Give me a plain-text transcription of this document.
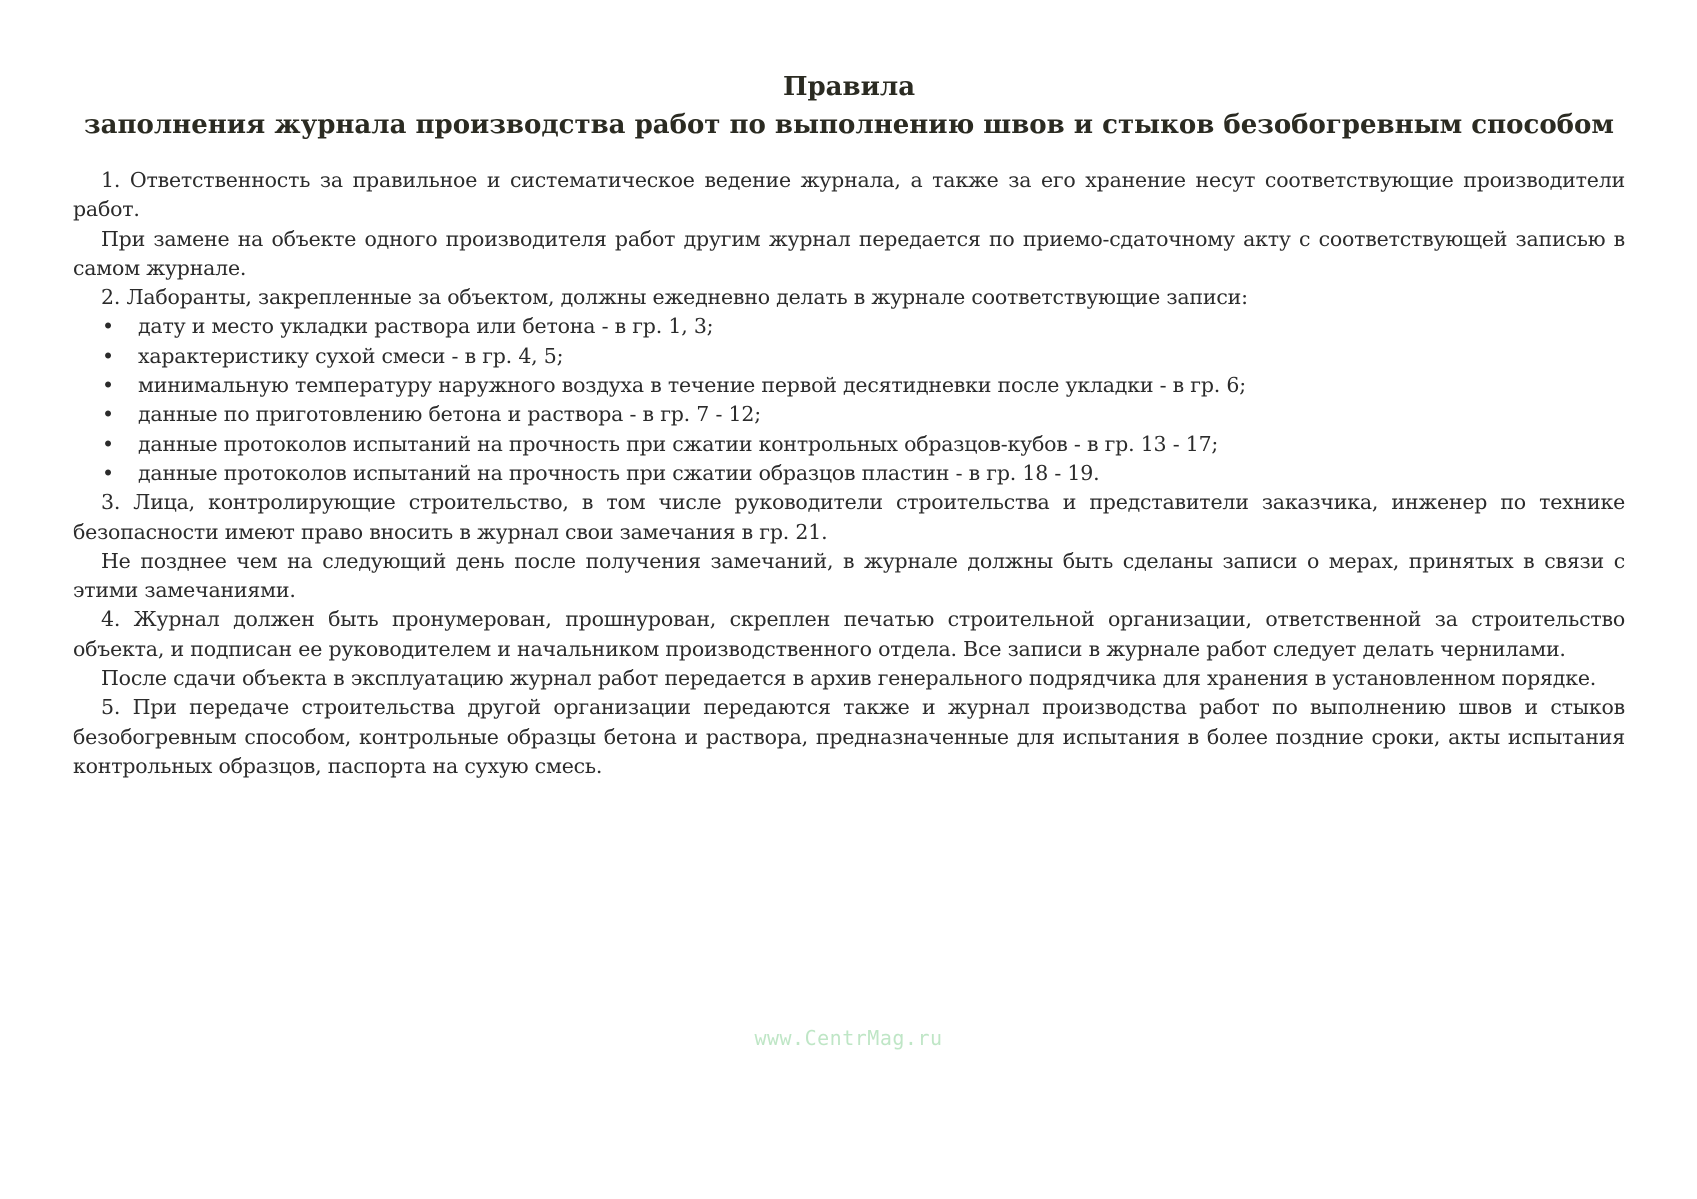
Правила
заполнения журнала производства работ по выполнению швов и стыков безобогревным способом

1. Ответственность за правильное и систематическое ведение журнала, а также за его хранение несут соответствующие производители работ.

При замене на объекте одного производителя работ другим журнал передается по приемо-сдаточному акту с соответствующей записью в самом журнале.

2. Лаборанты, закрепленные за объектом, должны ежедневно делать в журнале соответствующие записи:

• дату и место укладки раствора или бетона - в гр. 1, 3;
• характеристику сухой смеси - в гр. 4, 5;
• минимальную температуру наружного воздуха в течение первой десятидневки после укладки - в гр. 6;
• данные по приготовлению бетона и раствора - в гр. 7 - 12;
• данные протоколов испытаний на прочность при сжатии контрольных образцов-кубов - в гр. 13 - 17;
• данные протоколов испытаний на прочность при сжатии образцов пластин - в гр. 18 - 19.

3. Лица, контролирующие строительство, в том числе руководители строительства и представители заказчика, инженер по технике безопасности имеют право вносить в журнал свои замечания в гр. 21.

Не позднее чем на следующий день после получения замечаний, в журнале должны быть сделаны записи о мерах, принятых в связи с этими замечаниями.

4. Журнал должен быть пронумерован, прошнурован, скреплен печатью строительной организации, ответственной за строительство объекта, и подписан ее руководителем и начальником производственного отдела. Все записи в журнале работ следует делать чернилами.

После сдачи объекта в эксплуатацию журнал работ передается в архив генерального подрядчика для хранения в установленном порядке.

5. При передаче строительства другой организации передаются также и журнал производства работ по выполнению швов и стыков безобогревным способом, контрольные образцы бетона и раствора, предназначенные для испытания в более поздние сроки, акты испытания контрольных образцов, паспорта на сухую смесь.

www.CentrMag.ru
